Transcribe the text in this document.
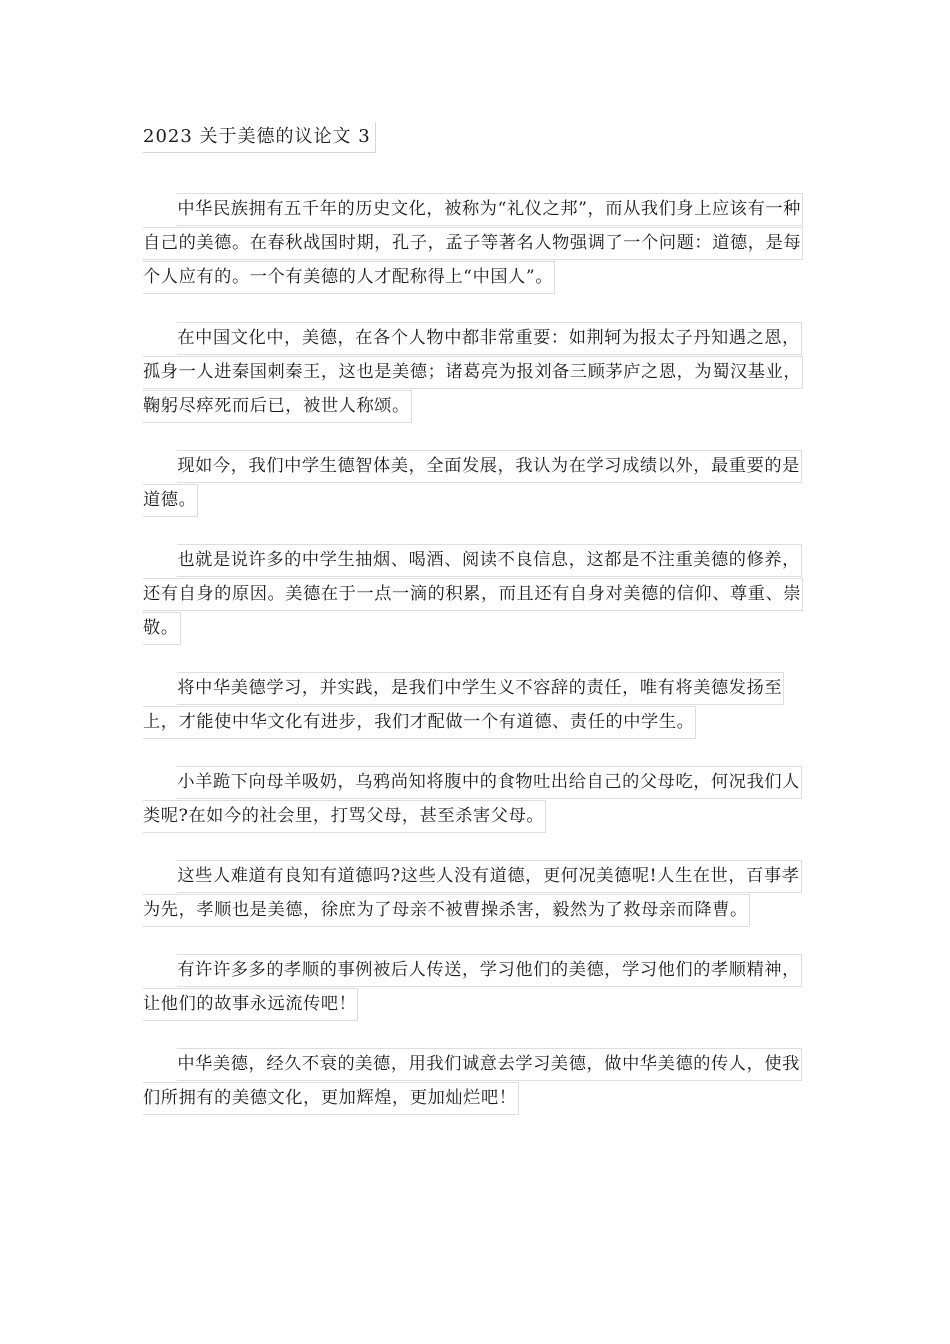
2023 关于美德的议论文 3

中华民族拥有五千年的历史文化，被称为“礼仪之邦”，而从我们身上应该有一种自己的美德。在春秋战国时期，孔子，孟子等著名人物强调了一个问题：道德，是每个人应有的。一个有美德的人才配称得上“中国人”。

在中国文化中，美德，在各个人物中都非常重要：如荆轲为报太子丹知遇之恩，孤身一人进秦国刺秦王，这也是美德；诸葛亮为报刘备三顾茅庐之恩，为蜀汉基业，鞠躬尽瘁死而后已，被世人称颂。

现如今，我们中学生德智体美，全面发展，我认为在学习成绩以外，最重要的是道德。

也就是说许多的中学生抽烟、喝酒、阅读不良信息，这都是不注重美德的修养，还有自身的原因。美德在于一点一滴的积累，而且还有自身对美德的信仰、尊重、崇敬。

将中华美德学习，并实践，是我们中学生义不容辞的责任，唯有将美德发扬至上，才能使中华文化有进步，我们才配做一个有道德、责任的中学生。

小羊跪下向母羊吸奶，乌鸦尚知将腹中的食物吐出给自己的父母吃，何况我们人类呢?在如今的社会里，打骂父母，甚至杀害父母。

这些人难道有良知有道德吗?这些人没有道德，更何况美德呢!人生在世，百事孝为先，孝顺也是美德，徐庶为了母亲不被曹操杀害，毅然为了救母亲而降曹。

有许许多多的孝顺的事例被后人传送，学习他们的美德，学习他们的孝顺精神，让他们的故事永远流传吧！

中华美德，经久不衰的美德，用我们诚意去学习美德，做中华美德的传人，使我们所拥有的美德文化，更加辉煌，更加灿烂吧！
